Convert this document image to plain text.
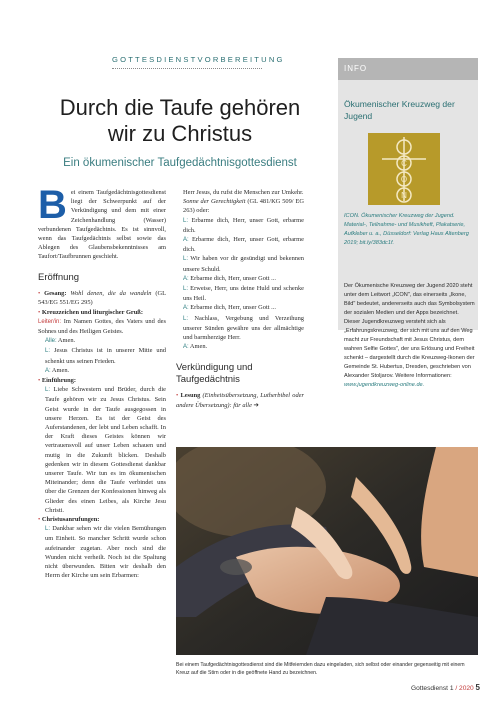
GOTTESDIENSTVORBEREITUNG
Durch die Taufe gehören
wir zu Christus
Ein ökumenischer Taufgedächtnisgottesdienst

Bei einem Taufgedächtnisgottesdienst liegt der Schwerpunkt auf der Verkündigung und dem mit einer Zeichenhandlung (Wasser) verbundenen Taufgedächtnis. Es ist sinnvoll, wenn das Taufgedächtnis selbst sowie das Ablegen des Glaubensbekenntnisses am Taufort/Taufbrunnen geschieht.

Eröffnung

• Gesang: Wohl denen, die da wandeln (GL 543/EG 551/EG 295)

• Kreuzzeichen und liturgischer Gruß:

Leiter/in: Im Namen Gottes, des Vaters und des Sohnes und des Heiligen Geistes.

Alle: Amen.

L: Jesus Christus ist in unserer Mitte und schenkt uns seinen Frieden.

A: Amen.

• Einführung:

L: Liebe Schwestern und Brüder, durch die Taufe gehören wir zu Jesus Christus. Sein Geist wurde in der Taufe ausgegossen in unsere Herzen. Es ist der Geist des Auferstandenen, der lebt und Leben schafft. In der Kraft dieses Geistes können wir vertrauensvoll auf unser Leben schauen und mutig in die Zukunft blicken. Deshalb gedenken wir in diesem Gottesdienst dankbar unserer Taufe. Wir tun es im ökumenischen Miteinander; denn die Taufe verbindet uns über die Grenzen der Konfessionen hinweg als Glieder des einen Leibes, als Kirche Jesu Christi.

• Christusanrufungen:

L: Dankbar sehen wir die vielen Bemühungen um Einheit. So mancher Schritt wurde schon aufeinander zugetan. Aber noch sind die Wunden nicht verheilt. Noch ist die Spaltung nicht überwunden. Bitten wir deshalb den Herrn der Kirche um sein Erbarmen:

Herr Jesus, du rufst die Menschen zur Umkehr.

Sonne der Gerechtigkeit (GL 481/KG 509/ EG 263) oder:

L: Erbarme dich, Herr, unser Gott, erbarme dich.

A: Erbarme dich, Herr, unser Gott, erbarme dich.

L: Wir haben vor dir gesündigt und bekennen unsere Schuld.

A: Erbarme dich, Herr, unser Gott ...

L: Erweise, Herr, uns deine Huld und schenke uns Heil.

A: Erbarme dich, Herr, unser Gott ...

L: Nachlass, Vergebung und Verzeihung unserer Sünden gewähre uns der allmächtige und barmherzige Herr.

A: Amen.

Verkündigung und
Taufgedächtnis

• Lesung (Einheitsübersetzung, Lutherbibel oder andere Übersetzung): für alle ➔

INFO
Ökumenischer Kreuzweg der Jugend
I
C
O
N
ICON. Ökumenischer Kreuzweg der Jugend. Material-, Teilnahme- und Musikheft, Plakatserie, Aufkleber u. a., Düsseldorf: Verlag Haus Altenberg 2019; bit.ly/383dc1f.
Der Ökumenische Kreuzweg der Jugend 2020 steht unter dem Leitwort „ICON", das einerseits „Ikone, Bild" bedeutet, andererseits auch das Symbolsystem der sozialen Medien und der Apps bezeichnet. Dieser Jugendkreuzweg versteht sich als „Erfahrungskreuzweg, der sich mit uns auf den Weg macht zur Freundschaft mit Jesus Christus, dem wahren Selfie Gottes", der uns Erlösung und Freiheit schenkt – dargestellt durch die Kreuzweg-Ikonen der Gemeinde St. Hubertus, Dresden, geschrieben von Alexander Stoljarov. Weitere Informationen: www.jugendkreuzweg-online.de.
Bei einem Taufgedächtnisgottesdienst sind die Mitfeiernden dazu eingeladen, sich selbst oder einander gegenseitig mit einem Kreuz auf die Stirn oder in die geöffnete Hand zu bezeichnen.
Gottesdienst 1 / 2020 5
